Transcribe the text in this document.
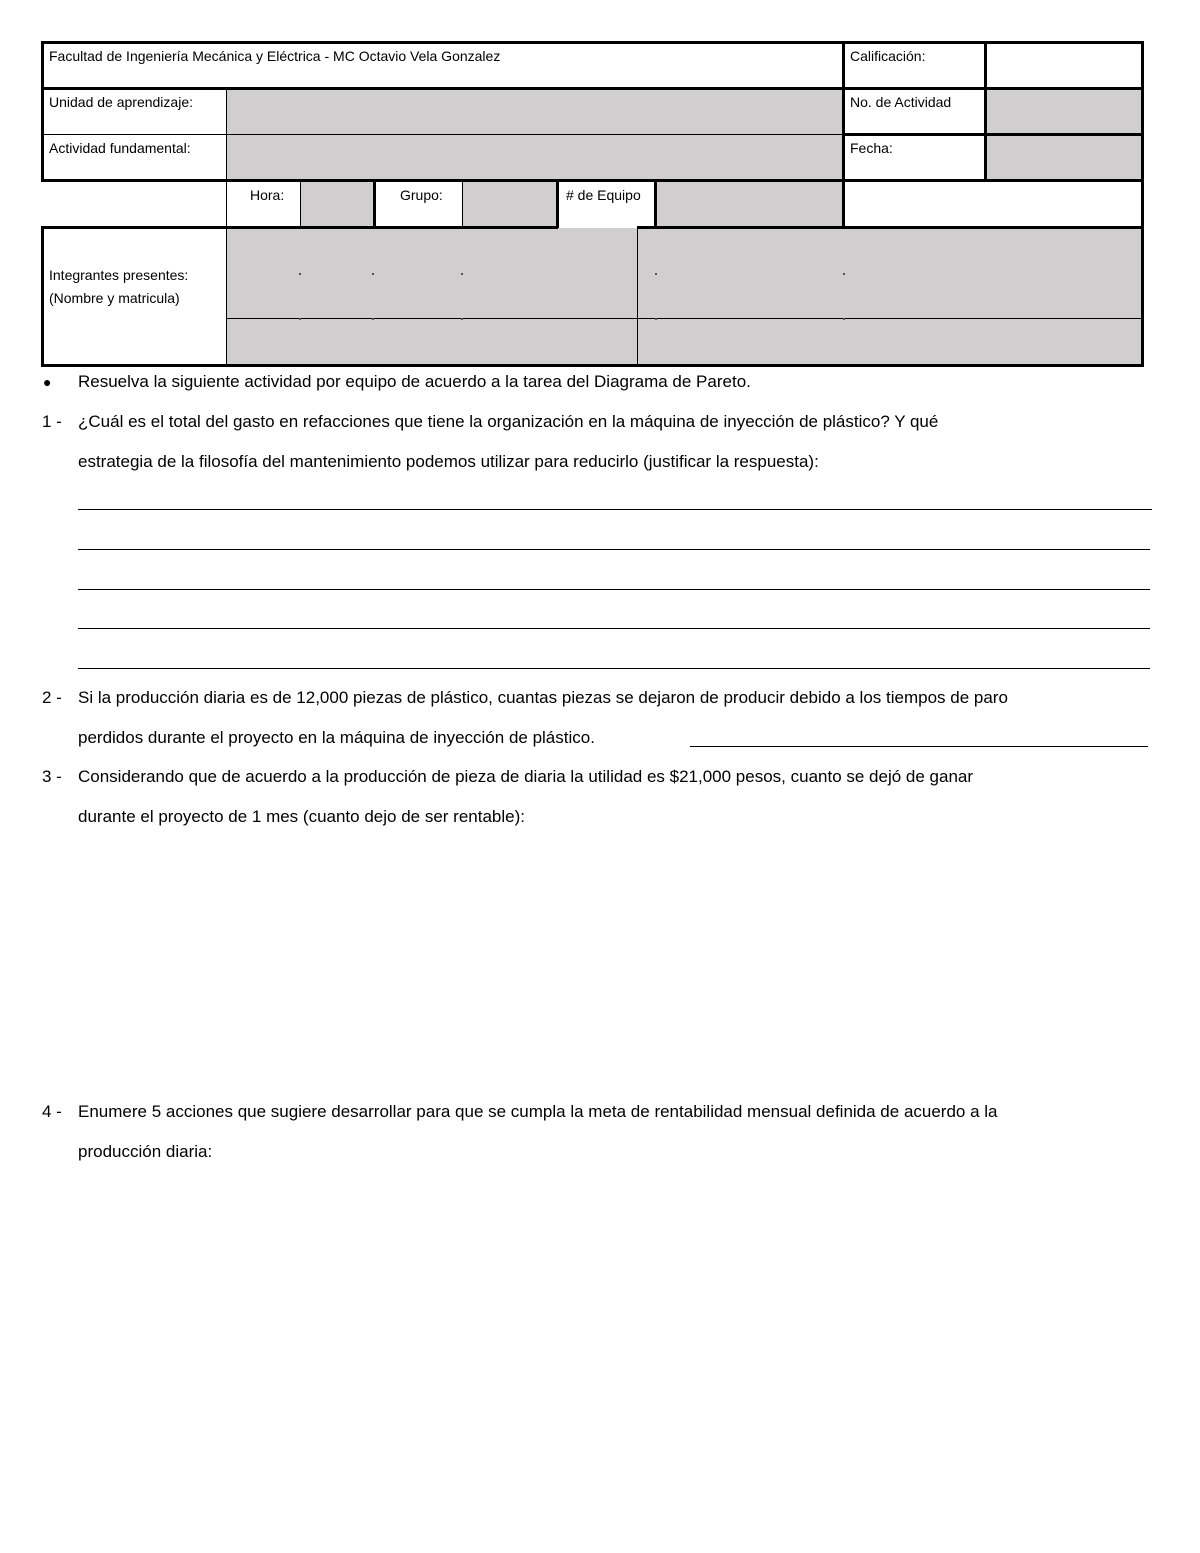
Facultad de Ingeniería Mecánica y Eléctrica - MC Octavio Vela Gonzalez	Calificación:
Unidad de aprendizaje:	No. de Actividad
Actividad fundamental:	Fecha:
Hora:	Grupo:	# de Equipo
Integrantes presentes:
(Nombre y matricula)
● Resuelva la siguiente actividad por equipo de acuerdo a la tarea del Diagrama de Pareto.
1 - ¿Cuál es el total del gasto en refacciones que tiene la organización en la máquina de inyección de plástico? Y qué
estrategia de la filosofía del mantenimiento podemos utilizar para reducirlo (justificar la respuesta):
2 - Si la producción diaria es de 12,000 piezas de plástico, cuantas piezas se dejaron de producir debido a los tiempos de paro
perdidos durante el proyecto en la máquina de inyección de plástico.
3 - Considerando que de acuerdo a la producción de pieza de diaria la utilidad es $21,000 pesos, cuanto se dejó de ganar
durante el proyecto de 1 mes (cuanto dejo de ser rentable):
4 - Enumere 5 acciones que sugiere desarrollar para que se cumpla la meta de rentabilidad mensual definida de acuerdo a la
producción diaria:
